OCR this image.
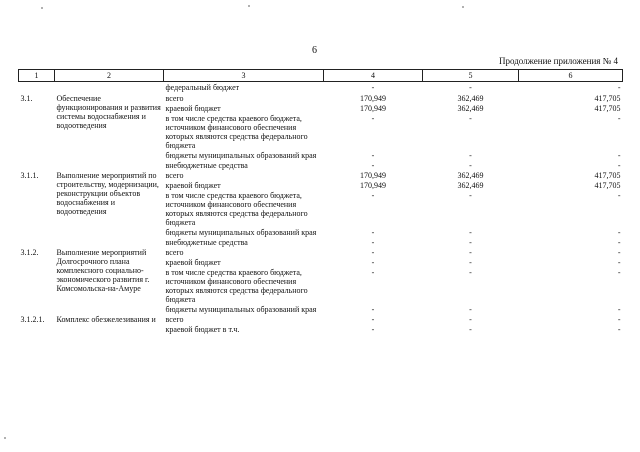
6
Продолжение приложения № 4
1	2	3	4	5	6
		федеральный бюджет	-	-	-
3.1.	Обеспечение функционирования и развития системы водоснабжения и водоотведения	всего	170,949	362,469	417,705
		краевой бюджет	170,949	362,469	417,705
		в том числе средства краевого бюджета, источником финансового обеспечения которых являются средства федерального бюджета	-	-	-
		бюджеты муниципальных образований края	-	-	-
		внебюджетные средства	-	-	-
3.1.1.	Выполнение мероприятий по строительству, модернизации, реконструкции объектов водоснабжения и водоотведения	всего	170,949	362,469	417,705
		краевой бюджет	170,949	362,469	417,705
		в том числе средства краевого бюджета, источником финансового обеспечения которых являются средства федерального бюджета	-	-	-
		бюджеты муниципальных образований края	-	-	-
		внебюджетные средства	-	-	-
3.1.2.	Выполнение мероприятий Долгосрочного плана комплексного социально-экономического развития г. Комсомольска-на-Амуре	всего	-	-	-
		краевой бюджет	-	-	-
		в том числе средства краевого бюджета, источником финансового обеспечения которых являются средства федерального бюджета	-	-	-
		бюджеты муниципальных образований края	-	-	-
3.1.2.1.	Комплекс обезжелезивания и	всего	-	-	-
		краевой бюджет в т.ч.	-	-	-
